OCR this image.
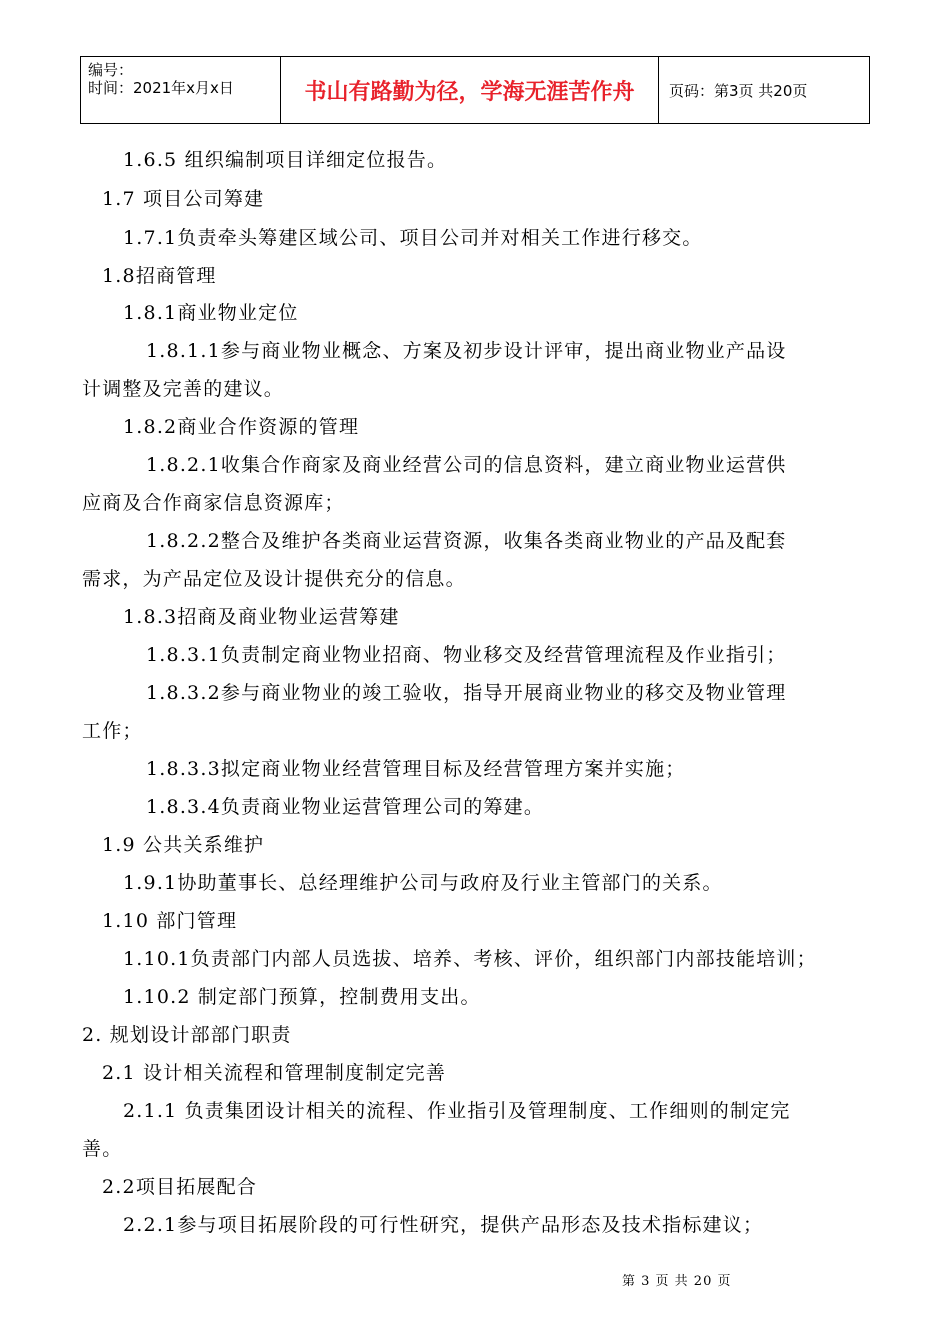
编号：
时间：2021年x月x日	书山有路勤为径，学海无涯苦作舟	页码：第3页 共20页
1.6.5 组织编制项目详细定位报告。
1.7 项目公司筹建
1.7.1负责牵头筹建区域公司、项目公司并对相关工作进行移交。
1.8招商管理
1.8.1商业物业定位
1.8.1.1参与商业物业概念、方案及初步设计评审，提出商业物业产品设
计调整及完善的建议。
1.8.2商业合作资源的管理
1.8.2.1收集合作商家及商业经营公司的信息资料，建立商业物业运营供
应商及合作商家信息资源库；
1.8.2.2整合及维护各类商业运营资源，收集各类商业物业的产品及配套
需求，为产品定位及设计提供充分的信息。
1.8.3招商及商业物业运营筹建
1.8.3.1负责制定商业物业招商、物业移交及经营管理流程及作业指引；
1.8.3.2参与商业物业的竣工验收，指导开展商业物业的移交及物业管理
工作；
1.8.3.3拟定商业物业经营管理目标及经营管理方案并实施；
1.8.3.4负责商业物业运营管理公司的筹建。
1.9 公共关系维护
1.9.1协助董事长、总经理维护公司与政府及行业主管部门的关系。
1.10 部门管理
1.10.1负责部门内部人员选拔、培养、考核、评价，组织部门内部技能培训；
1.10.2 制定部门预算，控制费用支出。
2. 规划设计部部门职责
2.1 设计相关流程和管理制度制定完善
2.1.1 负责集团设计相关的流程、作业指引及管理制度、工作细则的制定完
善。
2.2项目拓展配合
2.2.1参与项目拓展阶段的可行性研究，提供产品形态及技术指标建议；
第 3 页 共 20 页
